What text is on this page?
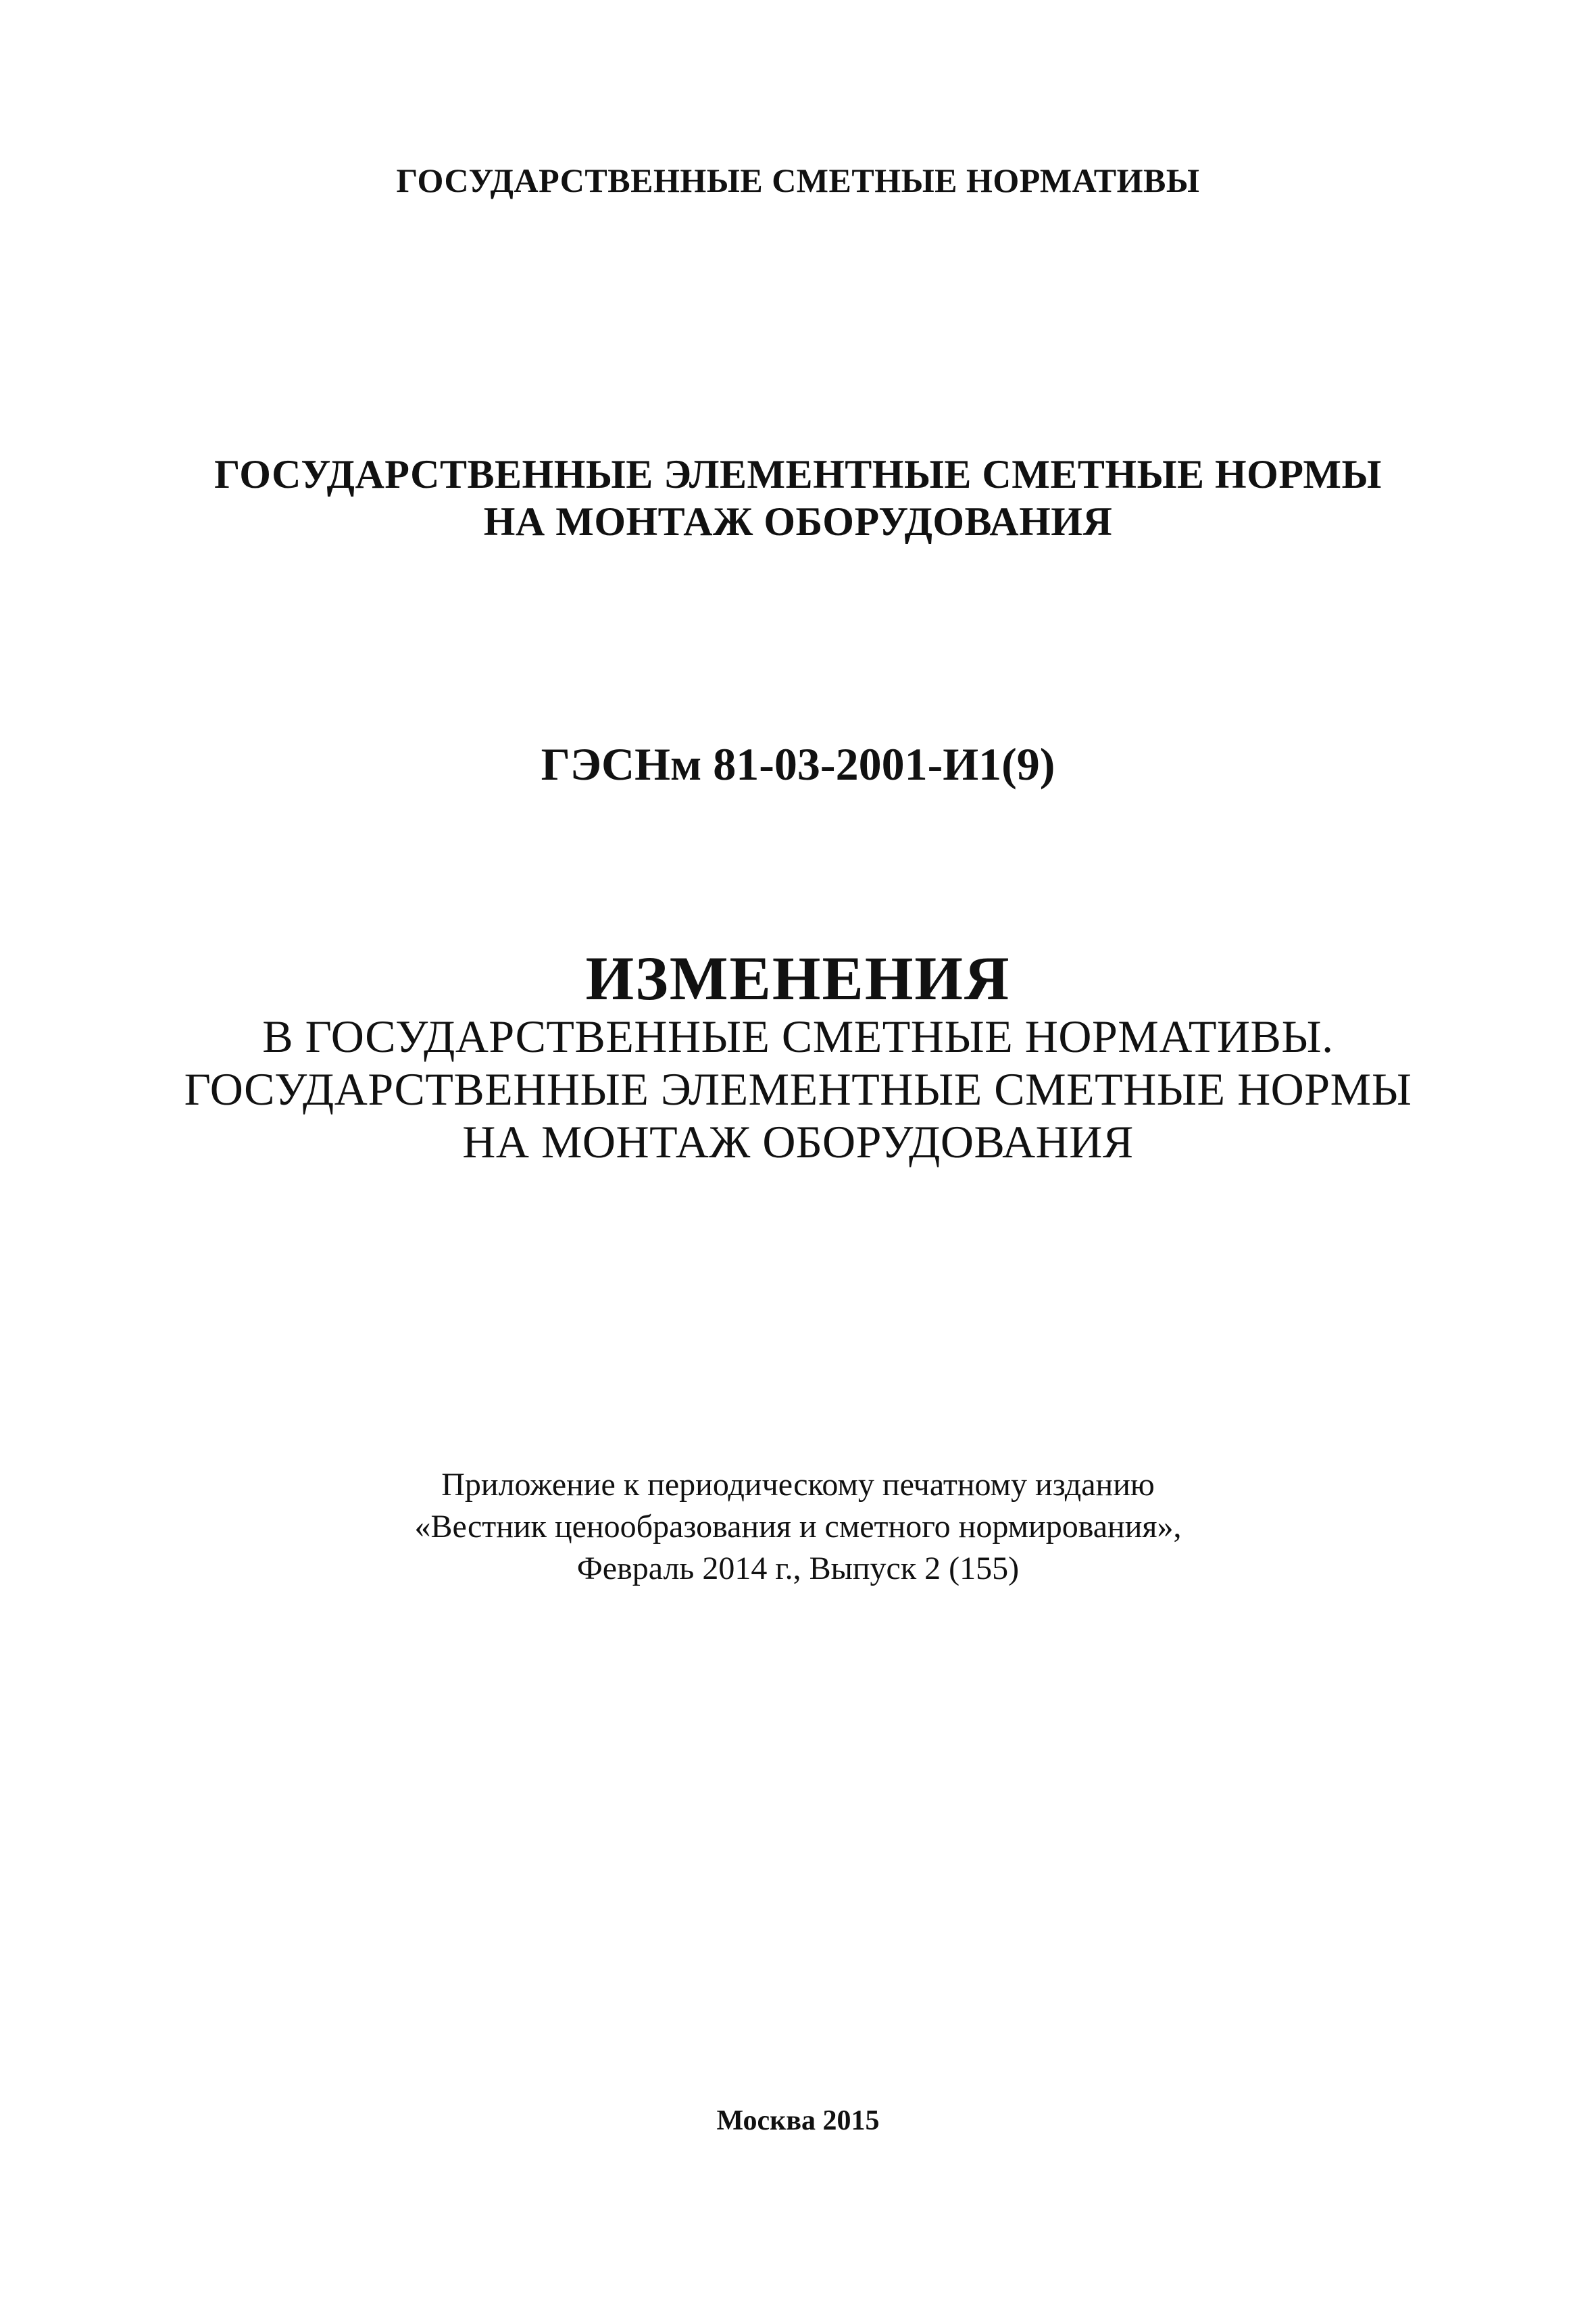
ГОСУДАРСТВЕННЫЕ СМЕТНЫЕ НОРМАТИВЫ
ГОСУДАРСТВЕННЫЕ ЭЛЕМЕНТНЫЕ СМЕТНЫЕ НОРМЫ
НА МОНТАЖ ОБОРУДОВАНИЯ
ГЭСНм 81-03-2001-И1(9)
ИЗМЕНЕНИЯ
В ГОСУДАРСТВЕННЫЕ СМЕТНЫЕ НОРМАТИВЫ.
ГОСУДАРСТВЕННЫЕ ЭЛЕМЕНТНЫЕ СМЕТНЫЕ НОРМЫ
НА МОНТАЖ ОБОРУДОВАНИЯ
Приложение к периодическому печатному изданию
«Вестник ценообразования и сметного нормирования»,
Февраль 2014 г., Выпуск 2 (155)
Москва 2015
